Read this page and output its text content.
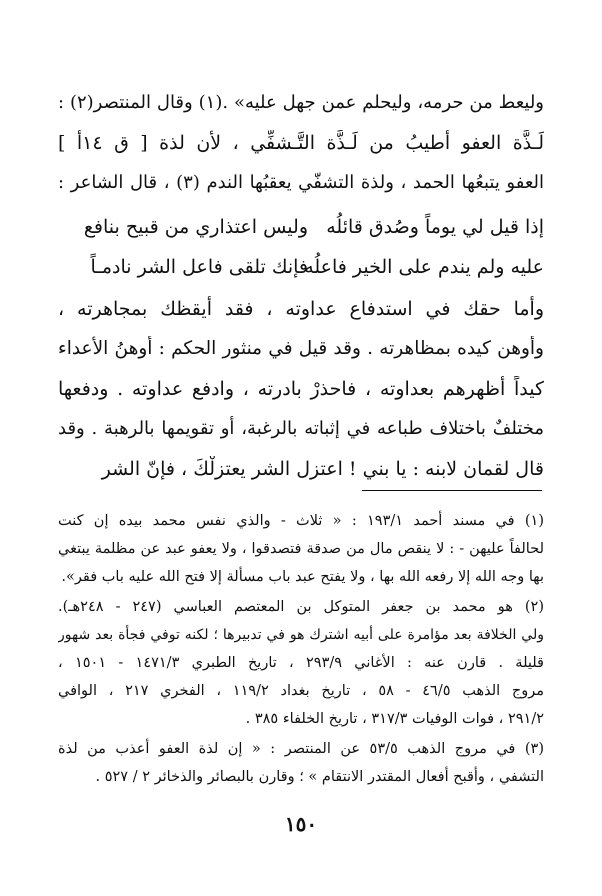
وليعط من حرمه، وليحلم عمن جهل عليه» .(١) وقال المنتصر(٢) :
لَـذَّة العفو أطيبُ من لَـذَّة التَّـشفِّي ، لأن لذة [ ق ١٤أ ]
العفو يتبعُها الحمد ، ولذة التشفّي يعقبُها الندم (٣) ، قال الشاعر :
إذا قيل لي يوماً وصُدق قائلُه
وليس اعتذاري من قبيح بنافع
عليه ولم يندم على الخير فاعلُه
فإنك تلقى فاعل الشر نادمـاً
وأما حقك في استدفاع عداوته ، فقد أيقظك بمجاهرته ،
وأوهن كيده بمظاهرته . وقد قيل في منثور الحكم : أوهنُ الأعداء
كيداً أظهرهم بعداوته ، فاحذرْ بادرته ، وادفع عداوته . ودفعها
مختلفٌ باختلاف طباعه في إثباته بالرغبة، أو تقويمها بالرهبة . وقد
قال لقمان لابنه : يا بني ! اعتزل الشر يعتزلْكَ ، فإنّ الشر
(١) في مسند أحمد ١٩٣/١ : « ثلاث - والذي نفس محمد بيده إن كنت
لحالفاً عليهن - : لا ينقص مال من صدقة فتصدقوا ، ولا يعفو عبد عن مظلمة يبتغي
بها وجه الله إلا رفعه الله بها ، ولا يفتح عبد باب مسألة إلا فتح الله عليه باب فقر».
(٢) هو محمد بن جعفر المتوكل بن المعتصم العباسي (٢٤٧ - ٢٤٨هـ).
ولي الخلافة بعد مؤامرة على أبيه اشترك هو في تدبيرها ؛ لكنه توفي فجأة بعد شهور
قليلة . قارن عنه : الأغاني ٢٩٣/٩ ، تاريخ الطبري ١٤٧١/٣ - ١٥٠١ ،
مروج الذهب ٤٦/٥ - ٥٨ ، تاريخ بغداد ١١٩/٢ ، الفخري ٢١٧ ، الوافي
٢٩١/٢ ، فوات الوفيات ٣١٧/٣ ، تاريخ الخلفاء ٣٨٥ .
(٣) في مروج الذهب ٥٣/٥ عن المنتصر : « إن لذة العفو أعذب من لذة
التشفي ، وأقبح أفعال المقتدر الانتقام » ؛ وقارن بالبصائر والذخائر ٢ / ٥٢٧ .
١٥٠
